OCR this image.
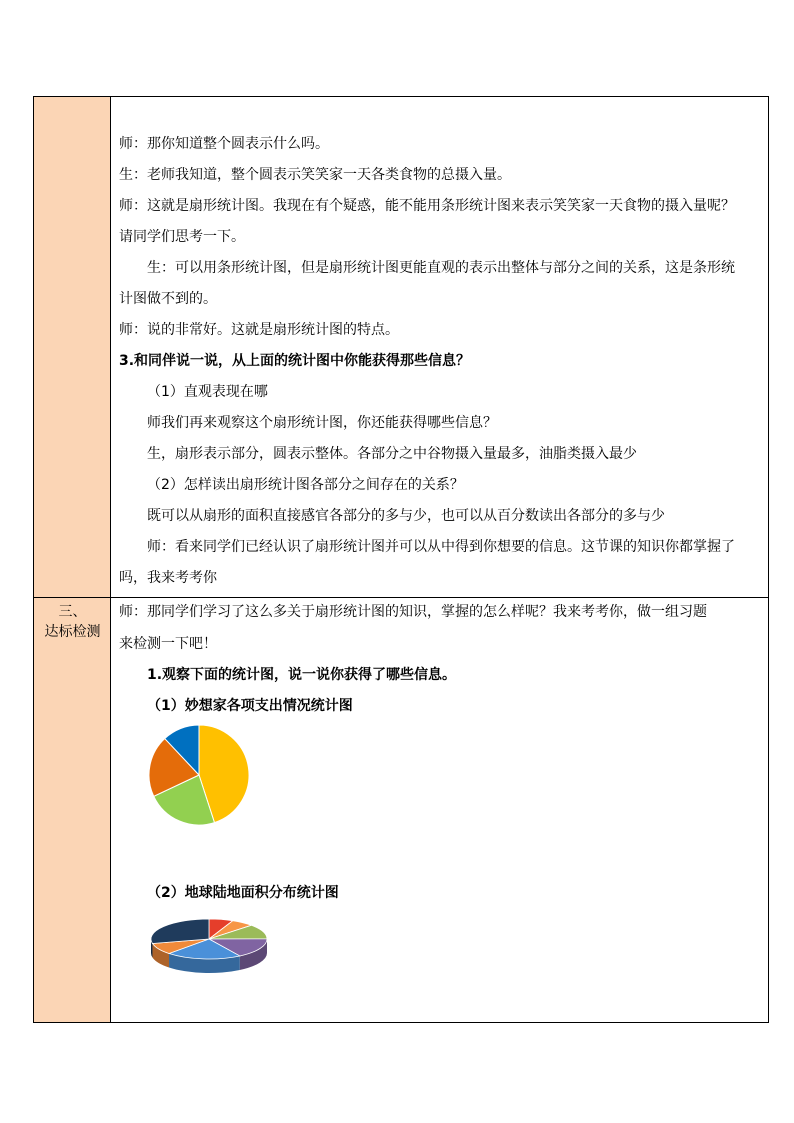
师：那你知道整个圆表示什么吗。
生：老师我知道，整个圆表示笑笑家一天各类食物的总摄入量。
师：这就是扇形统计图。我现在有个疑惑，能不能用条形统计图来表示笑笑家一天食物的摄入量呢？
请同学们思考一下。
生：可以用条形统计图，但是扇形统计图更能直观的表示出整体与部分之间的关系，这是条形统
计图做不到的。
师：说的非常好。这就是扇形统计图的特点。
3.和同伴说一说，从上面的统计图中你能获得那些信息？
（1）直观表现在哪
师我们再来观察这个扇形统计图，你还能获得哪些信息？
生，扇形表示部分，圆表示整体。各部分之中谷物摄入量最多，油脂类摄入最少
（2）怎样读出扇形统计图各部分之间存在的关系？
既可以从扇形的面积直接感官各部分的多与少，也可以从百分数读出各部分的多与少
师：看来同学们已经认识了扇形统计图并可以从中得到你想要的信息。这节课的知识你都掌握了
吗，我来考考你
三、
达标检测
师：那同学们学习了这么多关于扇形统计图的知识，掌握的怎么样呢？我来考考你，做一组习题
来检测一下吧！
1.观察下面的统计图，说一说你获得了哪些信息。
（1）妙想家各项支出情况统计图
（2）地球陆地面积分布统计图
